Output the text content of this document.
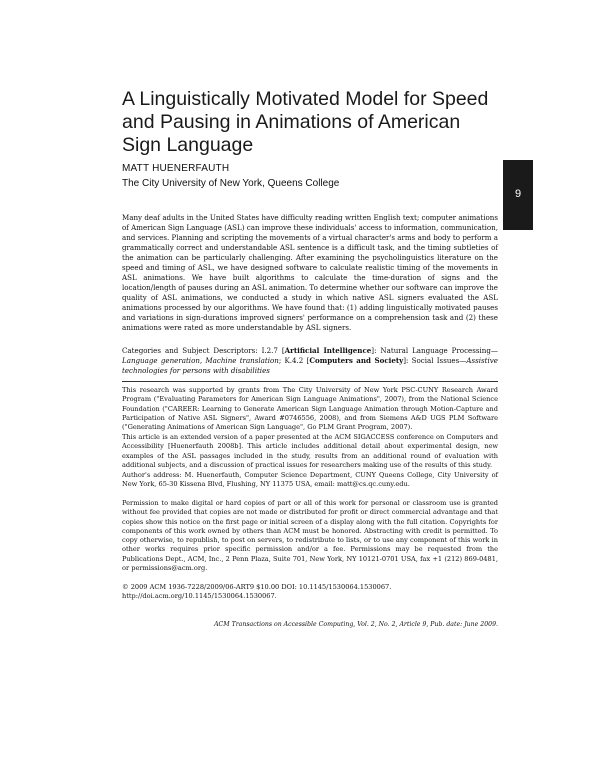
A Linguistically Motivated Model for Speed and Pausing in Animations of American Sign Language
MATT HUENERFAUTH
The City University of New York, Queens College
9

Many deaf adults in the United States have difficulty reading written English text; computer animations of American Sign Language (ASL) can improve these individuals' access to information, communication, and services. Planning and scripting the movements of a virtual character's arms and body to perform a grammatically correct and understandable ASL sentence is a difficult task, and the timing subtleties of the animation can be particularly challenging. After examining the psycholinguistics literature on the speed and timing of ASL, we have designed software to calculate realistic timing of the movements in ASL animations. We have built algorithms to calculate the time-duration of signs and the location/length of pauses during an ASL animation. To determine whether our software can improve the quality of ASL animations, we conducted a study in which native ASL signers evaluated the ASL animations processed by our algorithms. We have found that: (1) adding linguistically motivated pauses and variations in sign-durations improved signers' performance on a comprehension task and (2) these animations were rated as more understandable by ASL signers.

Categories and Subject Descriptors: I.2.7 [Artificial Intelligence]: Natural Language Processing—Language generation, Machine translation; K.4.2 [Computers and Society]: Social Issues—Assistive technologies for persons with disabilities

This research was supported by grants from The City University of New York PSC-CUNY Research Award Program ("Evaluating Parameters for American Sign Language Animations", 2007), from the National Science Foundation ("CAREER: Learning to Generate American Sign Language Animation through Motion-Capture and Participation of Native ASL Signers", Award #0746556, 2008), and from Siemens A&D UGS PLM Software ("Generating Animations of American Sign Language", Go PLM Grant Program, 2007).

This article is an extended version of a paper presented at the ACM SIGACCESS conference on Computers and Accessibility [Huenerfauth 2008b]. This article includes additional detail about experimental design, new examples of the ASL passages included in the study, results from an additional round of evaluation with additional subjects, and a discussion of practical issues for researchers making use of the results of this study.

Author's address: M. Huenerfauth, Computer Science Department, CUNY Queens College, City University of New York, 65-30 Kissena Blvd, Flushing, NY 11375 USA, email: matt@cs.qc.cuny.edu.

Permission to make digital or hard copies of part or all of this work for personal or classroom use is granted without fee provided that copies are not made or distributed for profit or direct commercial advantage and that copies show this notice on the first page or initial screen of a display along with the full citation. Copyrights for components of this work owned by others than ACM must be honored. Abstracting with credit is permitted. To copy otherwise, to republish, to post on servers, to redistribute to lists, or to use any component of this work in other works requires prior specific permission and/or a fee. Permissions may be requested from the Publications Dept., ACM, Inc., 2 Penn Plaza, Suite 701, New York, NY 10121-0701 USA, fax +1 (212) 869-0481, or permissions@acm.org.

© 2009 ACM 1936-7228/2009/06-ART9 $10.00 DOI: 10.1145/1530064.1530067.
http://doi.acm.org/10.1145/1530064.1530067.
ACM Transactions on Accessible Computing, Vol. 2, No. 2, Article 9, Pub. date: June 2009.
